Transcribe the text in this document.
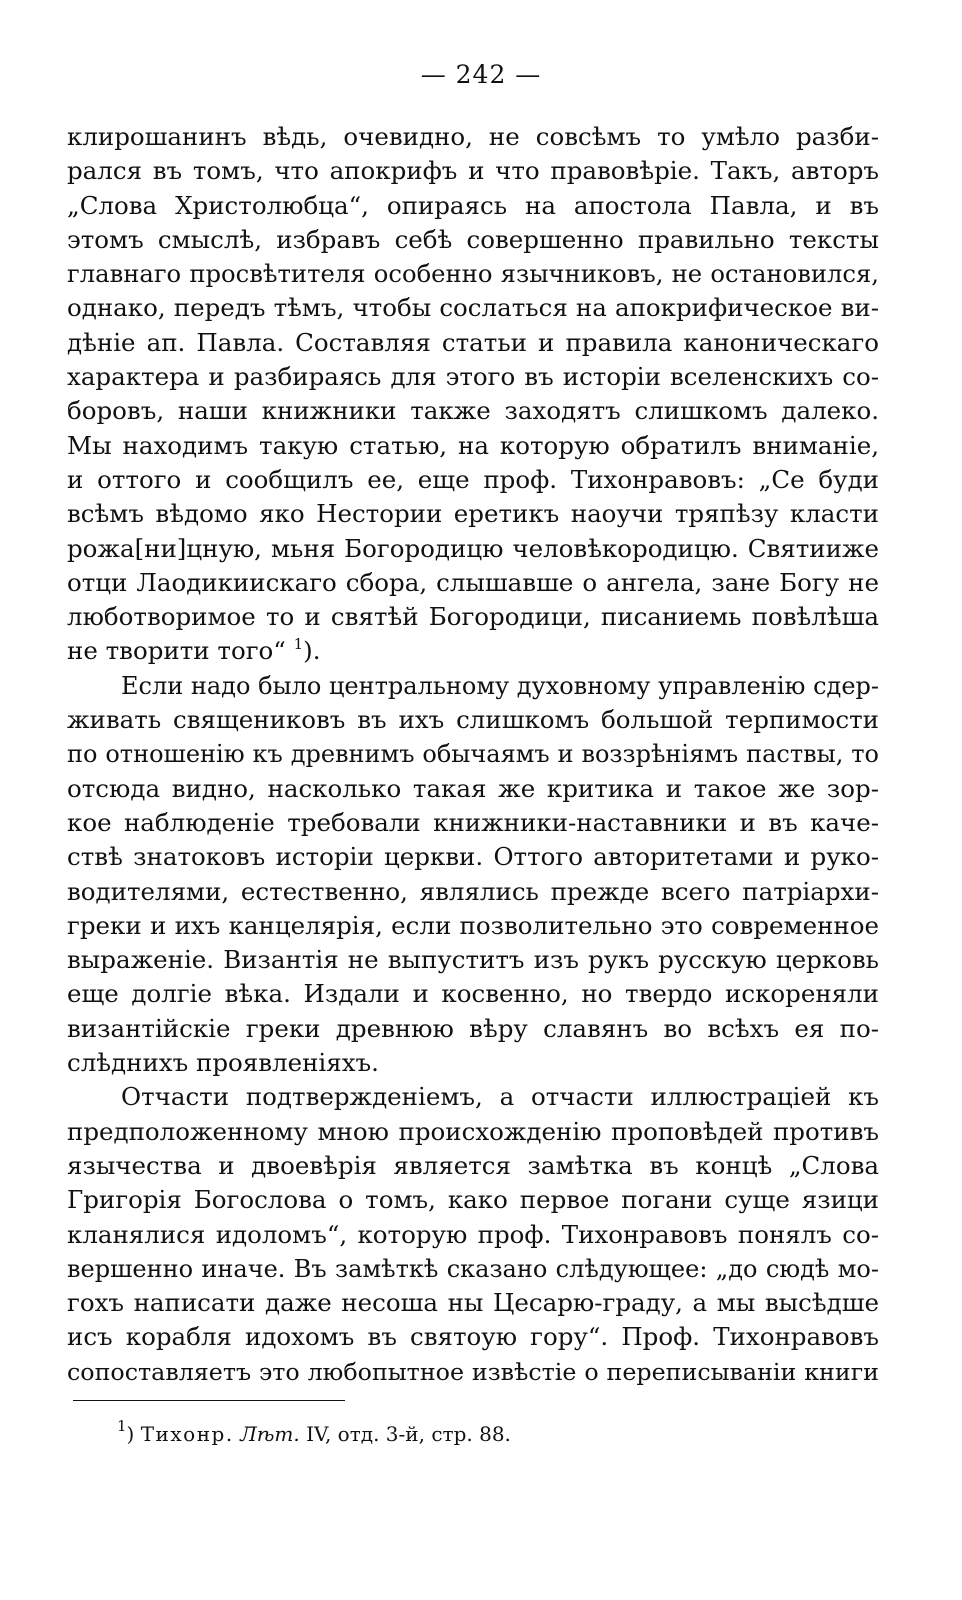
— 242 —
клирошанинъ вѣдь, очевидно, не совсѣмъ то умѣло разби-
рался въ томъ, что апокрифъ и что правовѣріе. Такъ, авторъ
„Слова Христолюбца“, опираясь на апостола Павла, и въ
этомъ смыслѣ, избравъ себѣ совершенно правильно тексты
главнаго просвѣтителя особенно язычниковъ, не остановился,
однако, передъ тѣмъ, чтобы сослаться на апокрифическое ви-
дѣніе ап. Павла. Составляя статьи и правила каноническаго
характера и разбираясь для этого въ исторіи вселенскихъ со-
боровъ, наши книжники также заходятъ слишкомъ далеко.
Мы находимъ такую статью, на которую обратилъ вниманіе,
и оттого и сообщилъ ее, еще проф. Тихонравовъ: „Се буди
всѣмъ вѣдомо яко Нестории еретикъ наоучи тряпѣзу класти
рожа[ни]цную, мьня Богородицю человѣкородицю. Святииже
отци Лаодикиискаго сбора, слышавше о ангела, зане Богу не
люботворимое то и святѣй Богородици, писаниемь повѣлѣша
не творити того“ $^1$).
Если надо было центральному духовному управленію сдер-
живать священиковъ въ ихъ слишкомъ большой терпимости
по отношенію къ древнимъ обычаямъ и воззрѣніямъ паствы, то
отсюда видно, насколько такая же критика и такое же зор-
кое наблюденіе требовали книжники-наставники и въ каче-
ствѣ знатоковъ исторіи церкви. Оттого авторитетами и руко-
водителями, естественно, являлись прежде всего патріархи-
греки и ихъ канцелярія, если позволительно это современное
выраженіе. Византія не выпуститъ изъ рукъ русскую церковь
еще долгіе вѣка. Издали и косвенно, но твердо искореняли
византійскіе греки древнюю вѣру славянъ во всѣхъ ея по-
слѣднихъ проявленіяхъ.
Отчасти подтвержденіемъ, а отчасти иллюстраціей къ
предположенному мною происхожденію проповѣдей противъ
язычества и двоевѣрія является замѣтка въ концѣ „Слова
Григорія Богослова о томъ, како первое погани суще язици
кланялися идоломъ“, которую проф. Тихонравовъ понялъ со-
вершенно иначе. Въ замѣткѣ сказано слѣдующее: „до сюдѣ мо-
гохъ написати даже несоша ны Цесарю-граду, а мы высѣдше
исъ корабля идохомъ въ святоую гору“. Проф. Тихонравовъ
сопоставляетъ это любопытное извѣстіе о переписываніи книги
$^1$) Тихонр. Лѣт. IV, отд. 3-й, стр. 88.
